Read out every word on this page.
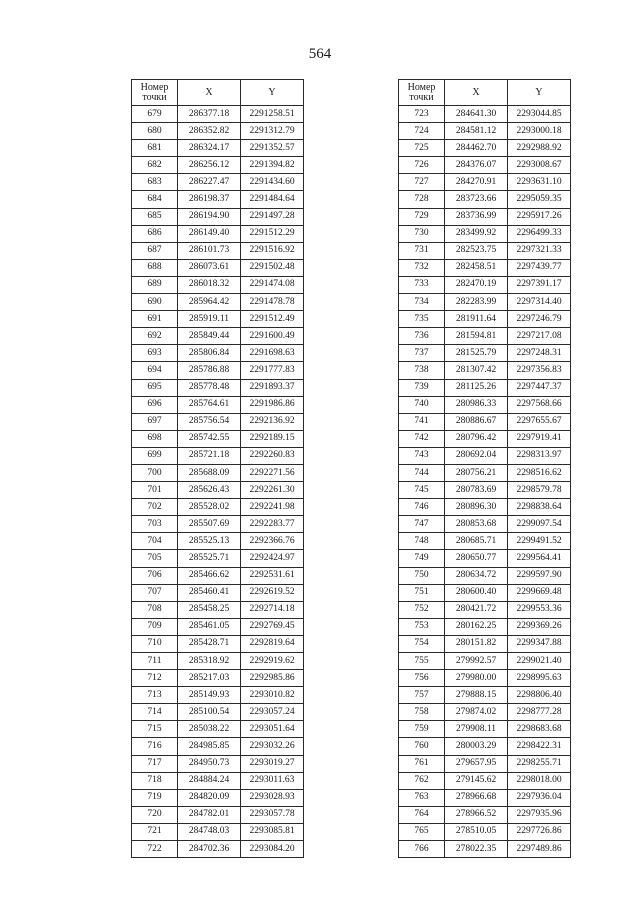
564
Номер
точки	X	Y
679	286377.18	2291258.51
680	286352.82	2291312.79
681	286324.17	2291352.57
682	286256.12	2291394.82
683	286227.47	2291434.60
684	286198.37	2291484.64
685	286194.90	2291497.28
686	286149.40	2291512.29
687	286101.73	2291516.92
688	286073.61	2291502.48
689	286018.32	2291474.08
690	285964.42	2291478.78
691	285919.11	2291512.49
692	285849.44	2291600.49
693	285806.84	2291698.63
694	285786.88	2291777.83
695	285778.48	2291893.37
696	285764.61	2291986.86
697	285756.54	2292136.92
698	285742.55	2292189.15
699	285721.18	2292260.83
700	285688.09	2292271.56
701	285626.43	2292261.30
702	285528.02	2292241.98
703	285507.69	2292283.77
704	285525.13	2292366.76
705	285525.71	2292424.97
706	285466.62	2292531.61
707	285460.41	2292619.52
708	285458.25	2292714.18
709	285461.05	2292769.45
710	285428.71	2292819.64
711	285318.92	2292919.62
712	285217.03	2292985.86
713	285149.93	2293010.82
714	285100.54	2293057.24
715	285038.22	2293051.64
716	284985.85	2293032.26
717	284950.73	2293019.27
718	284884.24	2293011.63
719	284820.09	2293028.93
720	284782.01	2293057.78
721	284748.03	2293085.81
722	284702.36	2293084.20
Номер
точки	X	Y
723	284641.30	2293044.85
724	284581.12	2293000.18
725	284462.70	2292988.92
726	284376.07	2293008.67
727	284270.91	2293631.10
728	283723.66	2295059.35
729	283736.99	2295917.26
730	283499.92	2296499.33
731	282523.75	2297321.33
732	282458.51	2297439.77
733	282470.19	2297391.17
734	282283.99	2297314.40
735	281911.64	2297246.79
736	281594.81	2297217.08
737	281525.79	2297248.31
738	281307.42	2297356.83
739	281125.26	2297447.37
740	280986.33	2297568.66
741	280886.67	2297655.67
742	280796.42	2297919.41
743	280692.04	2298313.97
744	280756.21	2298516.62
745	280783.69	2298579.78
746	280896.30	2298838.64
747	280853.68	2299097.54
748	280685.71	2299491.52
749	280650.77	2299564.41
750	280634.72	2299597.90
751	280600.40	2299669.48
752	280421.72	2299553.36
753	280162.25	2299369.26
754	280151.82	2299347.88
755	279992.57	2299021.40
756	279980.00	2298995.63
757	279888.15	2298806.40
758	279874.02	2298777.28
759	279908.11	2298683.68
760	280003.29	2298422.31
761	279657.95	2298255.71
762	279145.62	2298018.00
763	278966.68	2297936.04
764	278966.52	2297935.96
765	278510.05	2297726.86
766	278022.35	2297489.86
